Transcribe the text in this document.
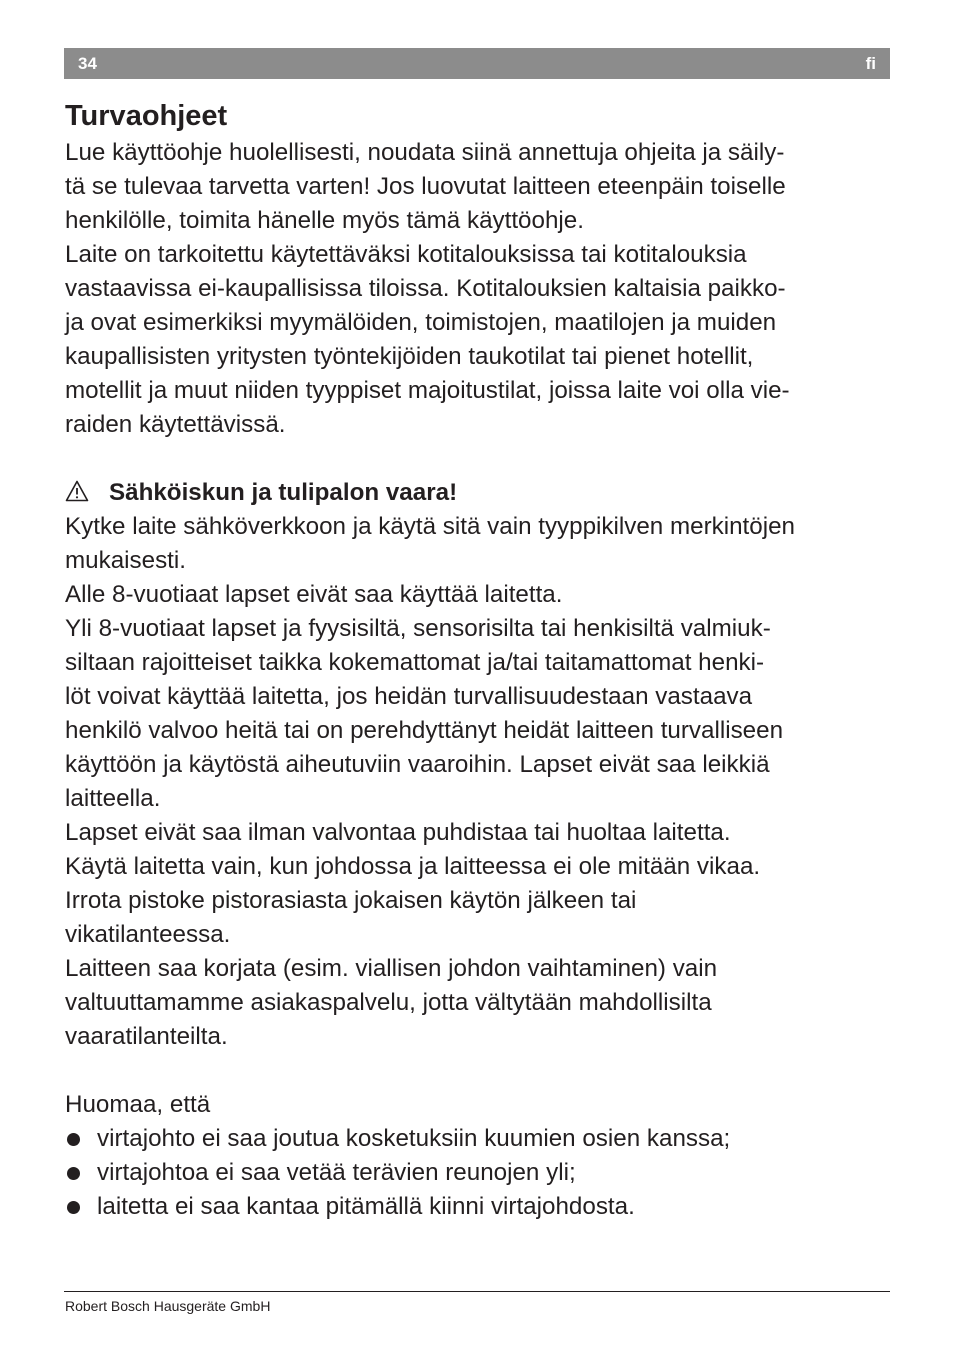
34	fi
Turvaohjeet

Lue käyttöohje huolellisesti, noudata siinä annettuja ohjeita ja säily-
tä se tulevaa tarvetta varten! Jos luovutat laitteen eteenpäin toiselle
henkilölle, toimita hänelle myös tämä käyttöohje.

Laite on tarkoitettu käytettäväksi kotitalouksissa tai kotitalouksia
vastaavissa ei-kaupallisissa tiloissa. Kotitalouksien kaltaisia paikko-
ja ovat esimerkiksi myymälöiden, toimistojen, maatilojen ja muiden
kaupallisisten yritysten työntekijöiden taukotilat tai pienet hotellit,
motellit ja muut niiden tyyppiset majoitustilat, joissa laite voi olla vie-
raiden käytettävissä.

Sähköiskun ja tulipalon vaara!

Kytke laite sähköverkkoon ja käytä sitä vain tyyppikilven merkintöjen
mukaisesti.

Alle 8-vuotiaat lapset eivät saa käyttää laitetta.

Yli 8-vuotiaat lapset ja fyysisiltä, sensorisilta tai henkisiltä valmiuk-
siltaan rajoitteiset taikka kokemattomat ja/tai taitamattomat henki-
löt voivat käyttää laitetta, jos heidän turvallisuudestaan vastaava
henkilö valvoo heitä tai on perehdyttänyt heidät laitteen turvalliseen
käyttöön ja käytöstä aiheutuviin vaaroihin. Lapset eivät saa leikkiä
laitteella.

Lapset eivät saa ilman valvontaa puhdistaa tai huoltaa laitetta.

Käytä laitetta vain, kun johdossa ja laitteessa ei ole mitään vikaa.

Irrota pistoke pistorasiasta jokaisen käytön jälkeen tai
vikatilanteessa.

Laitteen saa korjata (esim. viallisen johdon vaihtaminen) vain
valtuuttamamme asiakaspalvelu, jotta vältytään mahdollisilta
vaaratilanteilta.

Huomaa, että

virtajohto ei saa joutua kosketuksiin kuumien osien kanssa;
virtajohtoa ei saa vetää terävien reunojen yli;
laitetta ei saa kantaa pitämällä kiinni virtajohdosta.
Robert Bosch Hausgeräte GmbH
